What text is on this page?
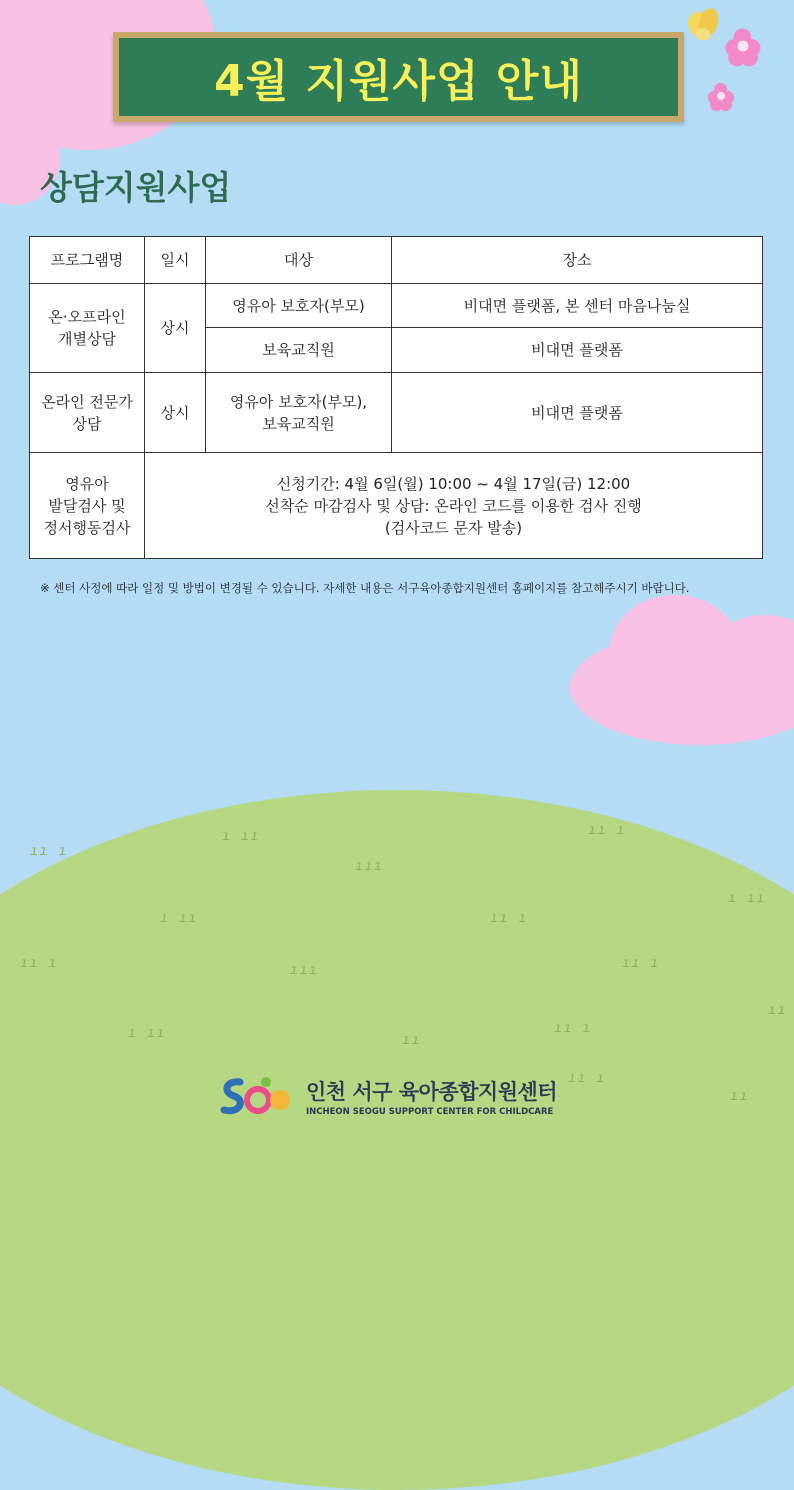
ıı ı
ı ıı
ııı
ıı ı
ı ıı	ıı ı
ı ıı
ıı ı	ııı	ıı ı
ı ıı	ıı
ıı ı
ıı
ıı ı
ıı
4월 지원사업 안내
상담지원사업
프로그램명	일시	대상	장소
온·오프라인
개별상담	상시	영유아 보호자(부모)	비대면 플랫폼, 본 센터 마음나눔실
		보육교직원	비대면 플랫폼
온라인 전문가
상담	상시	영유아 보호자(부모),
보육교직원	비대면 플랫폼
영유아
발달검사 및
정서행동검사	신청기간: 4월 6일(월) 10:00 ~ 4월 17일(금) 12:00
선착순 마감검사 및 상담: 온라인 코드를 이용한 검사 진행
(검사코드 문자 발송)		

※ 센터 사정에 따라 일정 및 방법이 변경될 수 있습니다. 자세한 내용은 서구육아종합지원센터 홈페이지를 참고해주시기 바랍니다.

인천 서구 육아종합지원센터
INCHEON SEOGU SUPPORT CENTER FOR CHILDCARE
